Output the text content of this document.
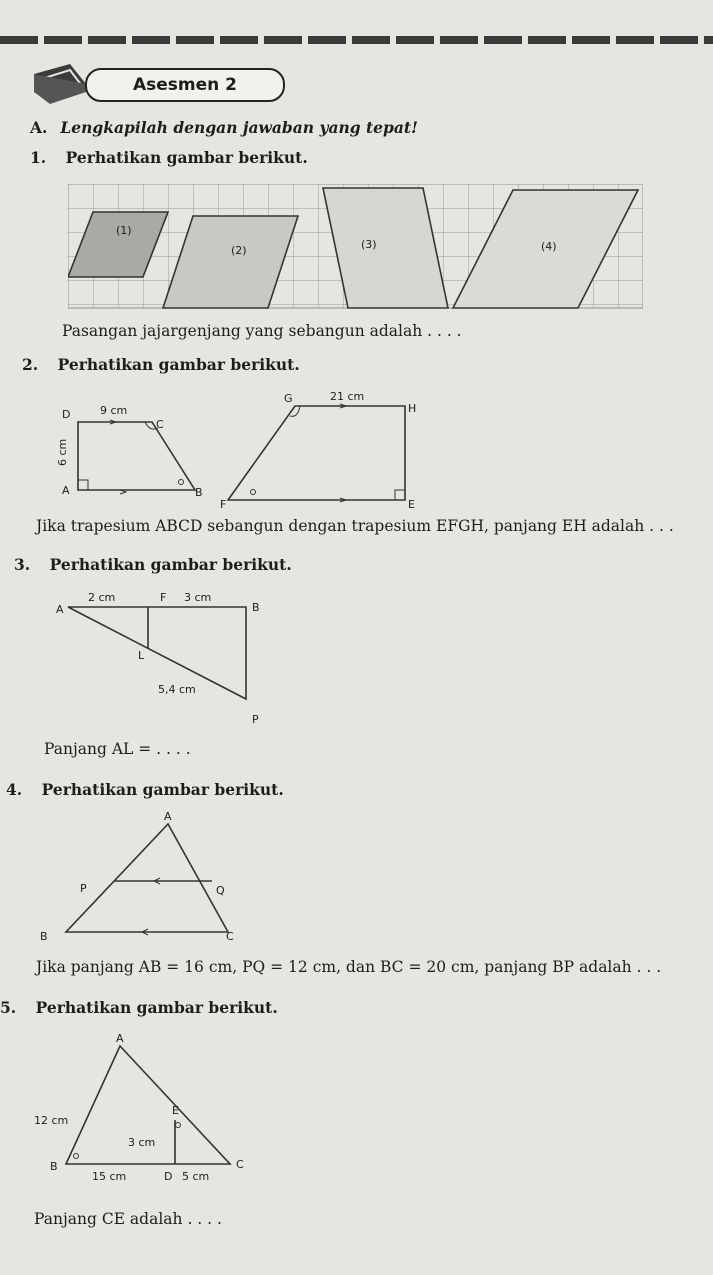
Asesmen 2
A. Lengkapilah dengan jawaban yang tepat!
1. Perhatikan gambar berikut.
(1)
(2)	(3)	(4)
Pasangan jajargenjang yang sebangun adalah . . . .
2. Perhatikan gambar berikut.
D
C
A	B
9 cm
6 cm
G
H
F	E
21 cm
Jika trapesium ABCD sebangun dengan trapesium EFGH, panjang EH adalah . . .
3. Perhatikan gambar berikut.
A
F
B
L
P
2 cm	3 cm
5,4 cm
Panjang AL = . . . .
4. Perhatikan gambar berikut.
A
P	Q
B	C
Jika panjang AB = 16 cm, PQ = 12 cm, dan BC = 20 cm, panjang BP adalah . . .
5. Perhatikan gambar berikut.
A
E
B
D
C
12 cm
3 cm
15 cm	5 cm
Panjang CE adalah . . . .
